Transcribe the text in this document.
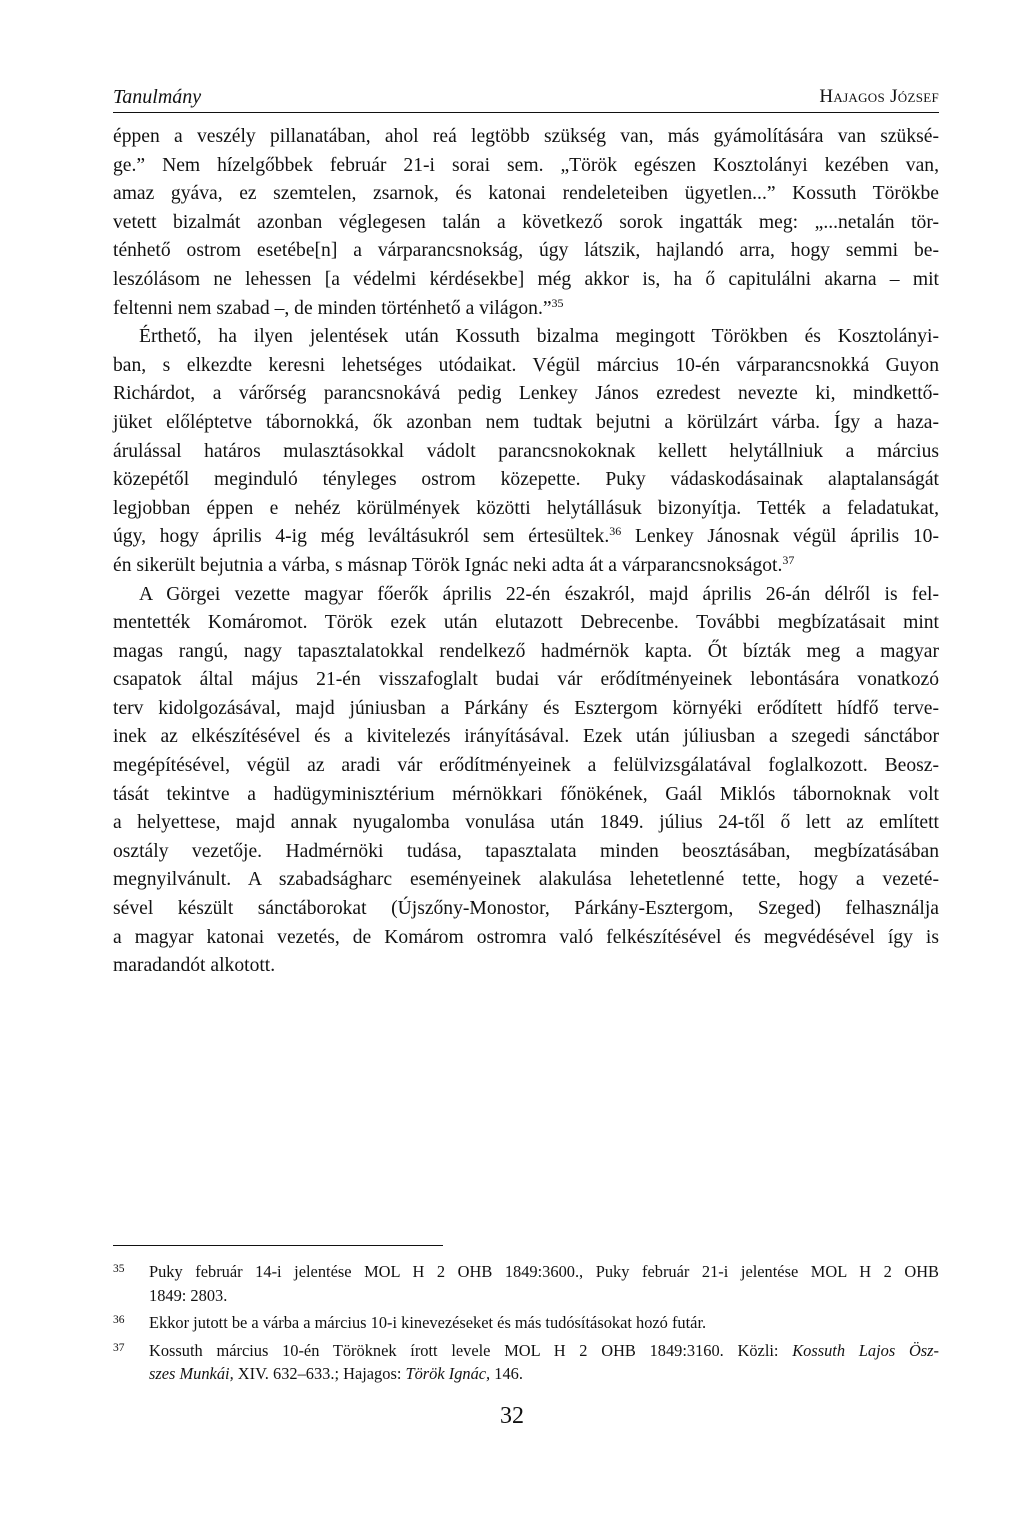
Tanulmány	Hajagos József
éppen a veszély pillanatában, ahol reá legtöbb szükség van, más gyámolítására van szüksé-
ge.” Nem hízelgőbbek február 21-i sorai sem. „Török egészen Kosztolányi kezében van,
amaz gyáva, ez szemtelen, zsarnok, és katonai rendeleteiben ügyetlen...” Kossuth Törökbe
vetett bizalmát azonban véglegesen talán a következő sorok ingatták meg: „...netalán tör-
ténhető ostrom esetébe[n] a várparancsnokság, úgy látszik, hajlandó arra, hogy semmi be-
leszólásom ne lehessen [a védelmi kérdésekbe] még akkor is, ha ő capitulálni akarna – mit
feltenni nem szabad –, de minden történhető a világon.”$^{35}$
Érthető, ha ilyen jelentések után Kossuth bizalma megingott Törökben és Kosztolányi-
ban, s elkezdte keresni lehetséges utódaikat. Végül március 10-én várparancsnokká Guyon
Richárdot, a várőrség parancsnokává pedig Lenkey János ezredest nevezte ki, mindkettő-
jüket előléptetve tábornokká, ők azonban nem tudtak bejutni a körülzárt várba. Így a haza-
árulással határos mulasztásokkal vádolt parancsnokoknak kellett helytállniuk a március
közepétől meginduló tényleges ostrom közepette. Puky vádaskodásainak alaptalanságát
legjobban éppen e nehéz körülmények közötti helytállásuk bizonyítja. Tették a feladatukat,
úgy, hogy április 4-ig még leváltásukról sem értesültek.$^{36}$ Lenkey Jánosnak végül április 10-
én sikerült bejutnia a várba, s másnap Török Ignác neki adta át a várparancsnokságot.$^{37}$
A Görgei vezette magyar főerők április 22-én északról, majd április 26-án délről is fel-
mentették Komáromot. Török ezek után elutazott Debrecenbe. További megbízatásait mint
magas rangú, nagy tapasztalatokkal rendelkező hadmérnök kapta. Őt bízták meg a magyar
csapatok által május 21-én visszafoglalt budai vár erődítményeinek lebontására vonatkozó
terv kidolgozásával, majd júniusban a Párkány és Esztergom környéki erődített hídfő terve-
inek az elkészítésével és a kivitelezés irányításával. Ezek után júliusban a szegedi sánctábor
megépítésével, végül az aradi vár erődítményeinek a felülvizsgálatával foglalkozott. Beosz-
tását tekintve a hadügyminisztérium mérnökkari főnökének, Gaál Miklós tábornoknak volt
a helyettese, majd annak nyugalomba vonulása után 1849. július 24-től ő lett az említett
osztály vezetője. Hadmérnöki tudása, tapasztalata minden beosztásában, megbízatásában
megnyilvánult. A szabadságharc eseményeinek alakulása lehetetlenné tette, hogy a vezeté-
sével készült sánctáborokat (Újszőny-Monostor, Párkány-Esztergom, Szeged) felhasználja
a magyar katonai vezetés, de Komárom ostromra való felkészítésével és megvédésével így is
maradandót alkotott.
35	Puky február 14-i jelentése MOL H 2 OHB 1849:3600., Puky február 21-i jelentése MOL H 2 OHB
1849: 2803.
36	Ekkor jutott be a várba a március 10-i kinevezéseket és más tudósításokat hozó futár.
37	Kossuth március 10-én Töröknek írott levele MOL H 2 OHB 1849:3160. Közli: Kossuth Lajos Ösz-
szes Munkái, XIV. 632–633.; Hajagos: Török Ignác, 146.
32
